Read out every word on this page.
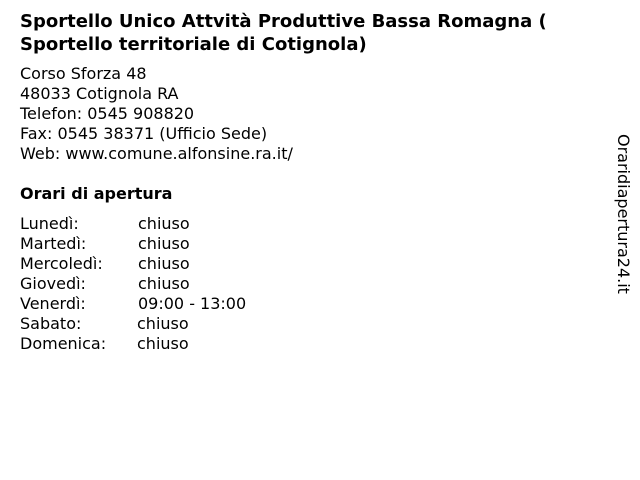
Sportello Unico Attvità Produttive Bassa Romagna ( Sportello territoriale di Cotignola)
Corso Sforza 48
48033 Cotignola RA
Telefon: 0545 908820
Fax: 0545 38371 (Ufficio Sede)
Web: www.comune.alfonsine.ra.it/
Orari di apertura
Lunedì:	chiuso
Martedì:	chiuso
Mercoledì: chiuso
Giovedì:	chiuso
Venerdì:	09:00 - 13:00
Sabato:	chiuso
Domenica: chiuso
Oraridiapertura24.it
